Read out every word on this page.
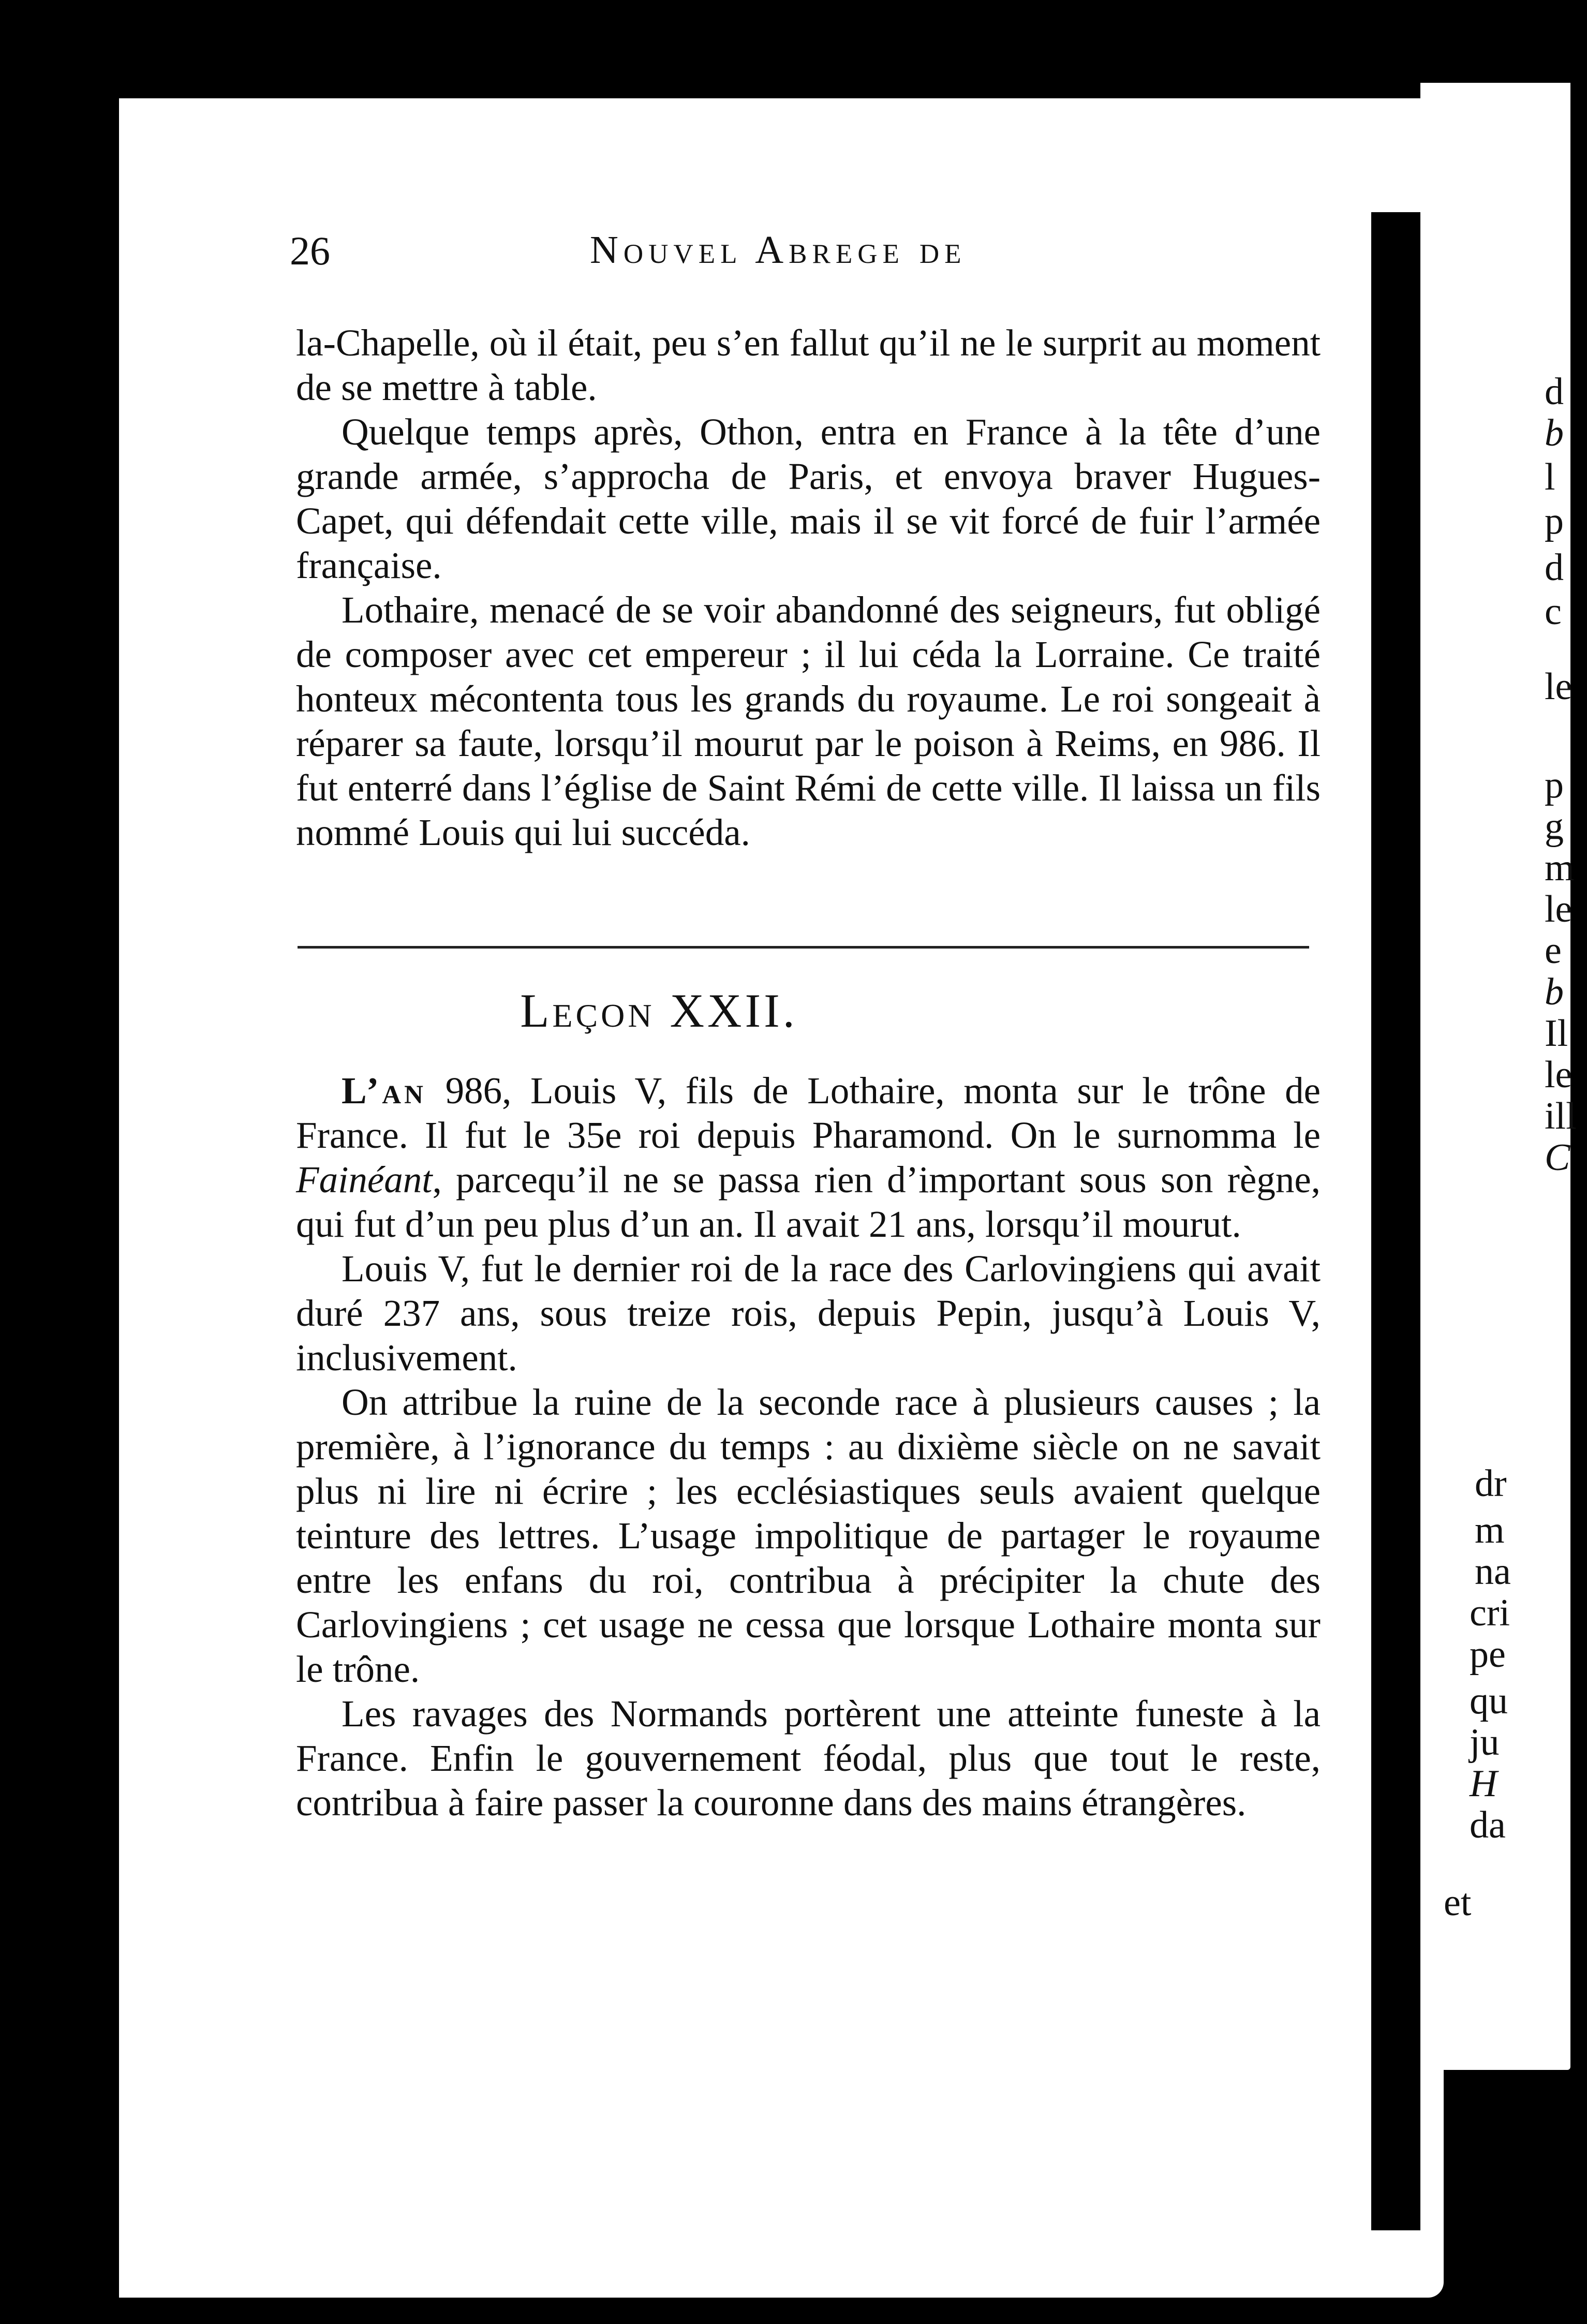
d
b
l
p
d
c
le
p
g
m
le
e
b
Il
le
ill
C
dr
m
na
cri
pe
qu
ju
H
da
et
26	Nouvel Abrege de

la-Chapelle, où il était, peu s’en fallut qu’il ne le surprit au moment de se mettre à table.

Quelque temps après, Othon, entra en France à la tête d’une grande armée, s’approcha de Paris, et envoya braver Hugues-Capet, qui défendait cette ville, mais il se vit forcé de fuir l’armée française.

Lothaire, menacé de se voir abandonné des seigneurs, fut obligé de composer avec cet empereur ; il lui céda la Lorraine. Ce traité honteux mécontenta tous les grands du royaume. Le roi songeait à réparer sa faute, lorsqu’il mourut par le poison à Reims, en 986. Il fut enterré dans l’église de Saint Rémi de cette ville. Il laissa un fils nommé Louis qui lui succéda.

Leçon XXII.

L’an 986, Louis V, fils de Lothaire, monta sur le trône de France. Il fut le 35e roi depuis Pharamond. On le surnomma le Fainéant, parcequ’il ne se passa rien d’important sous son règne, qui fut d’un peu plus d’un an. Il avait 21 ans, lorsqu’il mourut.

Louis V, fut le dernier roi de la race des Carlovingiens qui avait duré 237 ans, sous treize rois, depuis Pepin, jusqu’à Louis V, inclusivement.

On attribue la ruine de la seconde race à plusieurs causes ; la première, à l’ignorance du temps : au dixième siècle on ne savait plus ni lire ni écrire ; les ecclésiastiques seuls avaient quelque teinture des lettres. L’usage impolitique de partager le royaume entre les enfans du roi, contribua à précipiter la chute des Carlovingiens ; cet usage ne cessa que lorsque Lothaire monta sur le trône.

Les ravages des Normands portèrent une atteinte funeste à la France. Enfin le gouvernement féodal, plus que tout le reste, contribua à faire passer la couronne dans des mains étrangères.
